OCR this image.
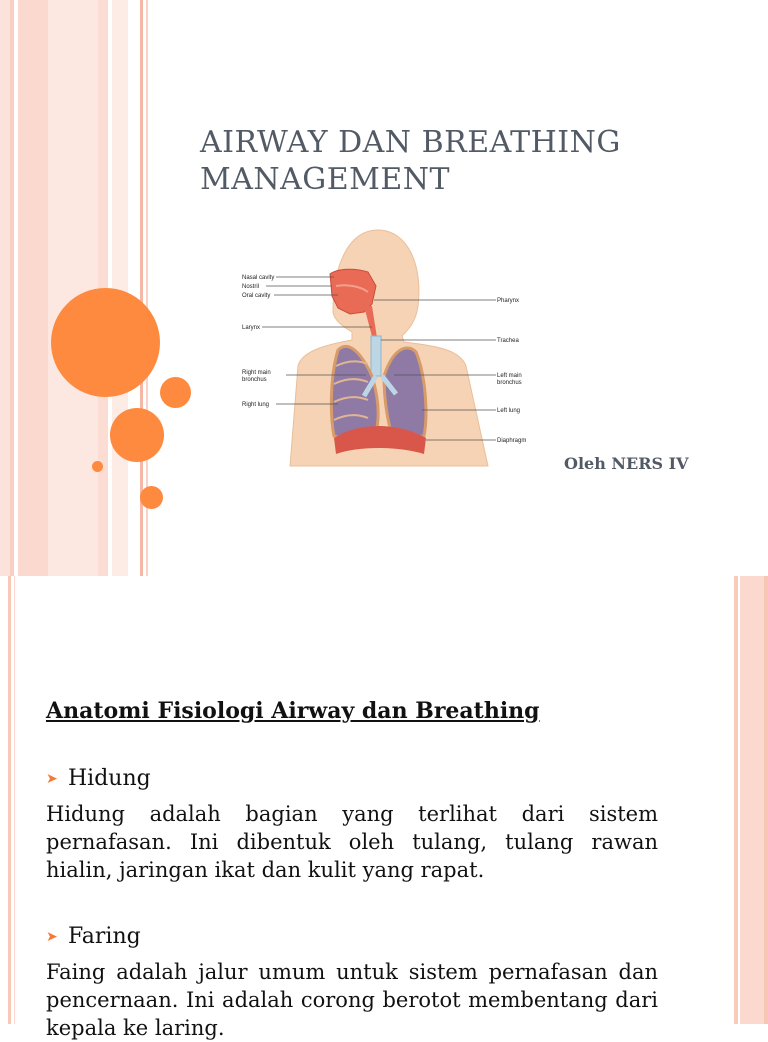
AIRWAY DAN BREATHING MANAGEMENT
Nasal cavity
Nostril
Oral cavity
Larynx
Right main
bronchus
Right lung
Pharynx
Trachea
Left main
bronchus
Left lung
Diaphragm
Oleh NERS IV
Anatomi Fisiologi Airway dan Breathing
➤ Hidung
Hidung adalah bagian yang terlihat dari sistem pernafasan. Ini dibentuk oleh tulang, tulang rawan hialin, jaringan ikat dan kulit yang rapat.
➤ Faring
Faing adalah jalur umum untuk sistem pernafasan dan pencernaan. Ini adalah corong berotot membentang dari kepala ke laring.
